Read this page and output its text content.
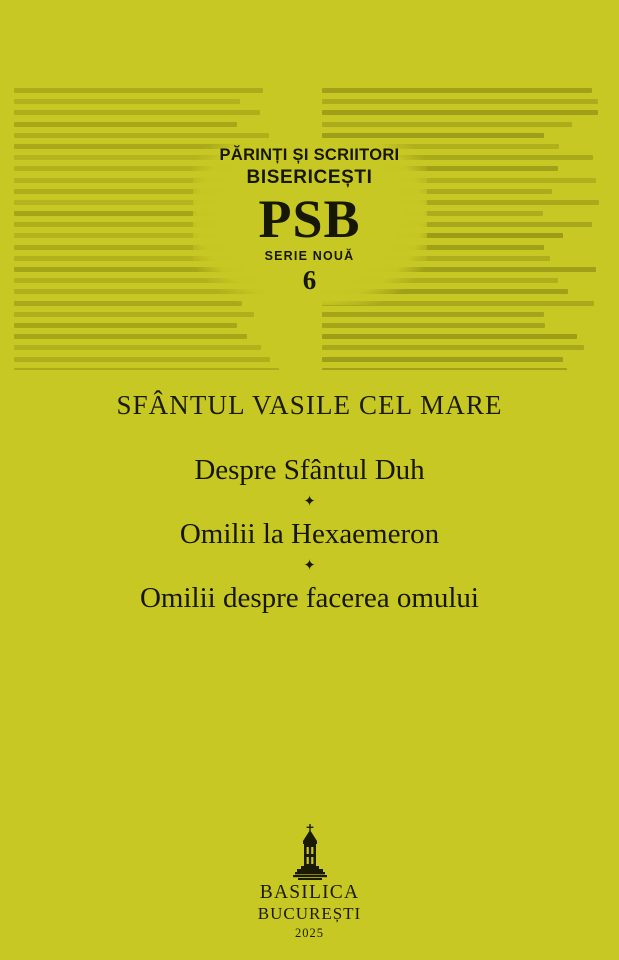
PĂRINȚI ȘI SCRIITORI
BISERICEȘTI
PSB
SERIE NOUĂ
6
SFÂNTUL VASILE CEL MARE
Despre Sfântul Duh
✦
Omilii la Hexaemeron
✦
Omilii despre facerea omului
BASILICA
BUCUREȘTI
2025
